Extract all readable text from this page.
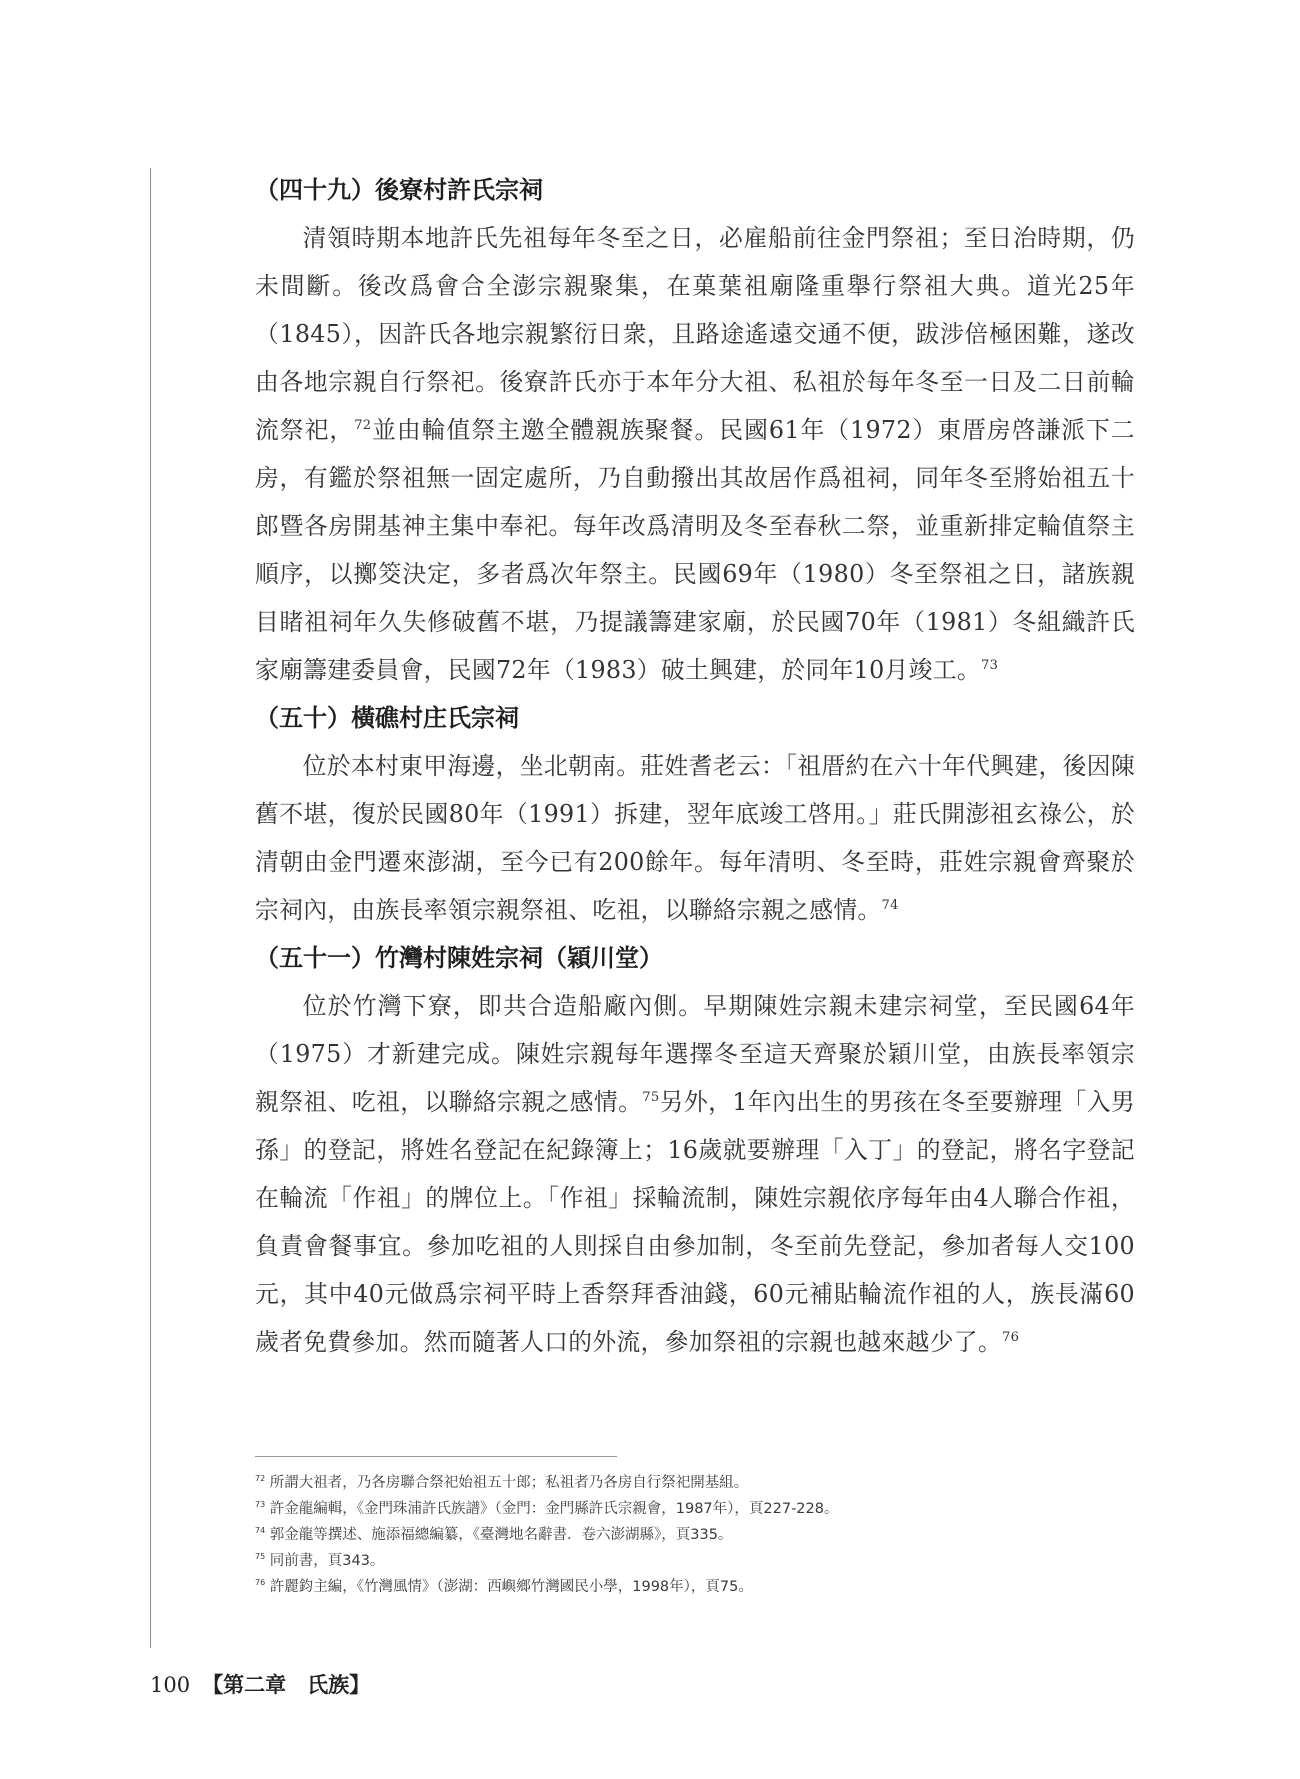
（四十九）後寮村許氏宗祠

清領時期本地許氏先祖每年冬至之日，必雇船前往金門祭祖；至日治時期，仍未間斷。後改爲會合全澎宗親聚集，在菓葉祖廟隆重舉行祭祖大典。道光25年（1845），因許氏各地宗親繁衍日衆，且路途遙遠交通不便，跋涉倍極困難，遂改由各地宗親自行祭祀。後寮許氏亦于本年分大祖、私祖於每年冬至一日及二日前輪流祭祀，$^{72}$並由輪值祭主邀全體親族聚餐。民國61年（1972）東厝房啓謙派下二房，有鑑於祭祖無一固定處所，乃自動撥出其故居作爲祖祠，同年冬至將始祖五十郎暨各房開基神主集中奉祀。每年改爲清明及冬至春秋二祭，並重新排定輪值祭主順序，以擲筊決定，多者爲次年祭主。民國69年（1980）冬至祭祖之日，諸族親目睹祖祠年久失修破舊不堪，乃提議籌建家廟，於民國70年（1981）冬組織許氏家廟籌建委員會，民國72年（1983）破土興建，於同年10月竣工。$^{73}$

（五十）橫礁村庄氏宗祠

位於本村東甲海邊，坐北朝南。莊姓耆老云：「祖厝約在六十年代興建，後因陳舊不堪，復於民國80年（1991）拆建，翌年底竣工啓用。」莊氏開澎祖玄祿公，於清朝由金門遷來澎湖，至今已有200餘年。每年清明、冬至時，莊姓宗親會齊聚於宗祠內，由族長率領宗親祭祖、吃祖，以聯絡宗親之感情。$^{74}$

（五十一）竹灣村陳姓宗祠（穎川堂）

位於竹灣下寮，即共合造船廠內側。早期陳姓宗親未建宗祠堂，至民國64年（1975）才新建完成。陳姓宗親每年選擇冬至這天齊聚於穎川堂，由族長率領宗親祭祖、吃祖，以聯絡宗親之感情。$^{75}$另外，1年內出生的男孩在冬至要辦理「入男孫」的登記，將姓名登記在紀錄簿上；16歲就要辦理「入丁」的登記，將名字登記在輪流「作祖」的牌位上。「作祖」採輪流制，陳姓宗親依序每年由4人聯合作祖，負責會餐事宜。參加吃祖的人則採自由參加制，冬至前先登記，參加者每人交100元，其中40元做爲宗祠平時上香祭拜香油錢，60元補貼輪流作祖的人，族長滿60歲者免費參加。然而隨著人口的外流，參加祭祖的宗親也越來越少了。$^{76}$

$^{72}$ 所謂大祖者，乃各房聯合祭祀始祖五十郎；私祖者乃各房自行祭祀開基組。

$^{73}$ 許金龍編輯，《金門珠浦許氏族譜》（金門：金門縣許氏宗親會，1987年），頁227-228。

$^{74}$ 郭金龍等撰述、施添福總編纂，《臺灣地名辭書．卷六澎湖縣》，頁335。

$^{75}$ 同前書，頁343。

$^{76}$ 許麗鈞主編，《竹灣風情》（澎湖：西嶼鄉竹灣國民小學，1998年），頁75。

100 【第二章　氏族】
